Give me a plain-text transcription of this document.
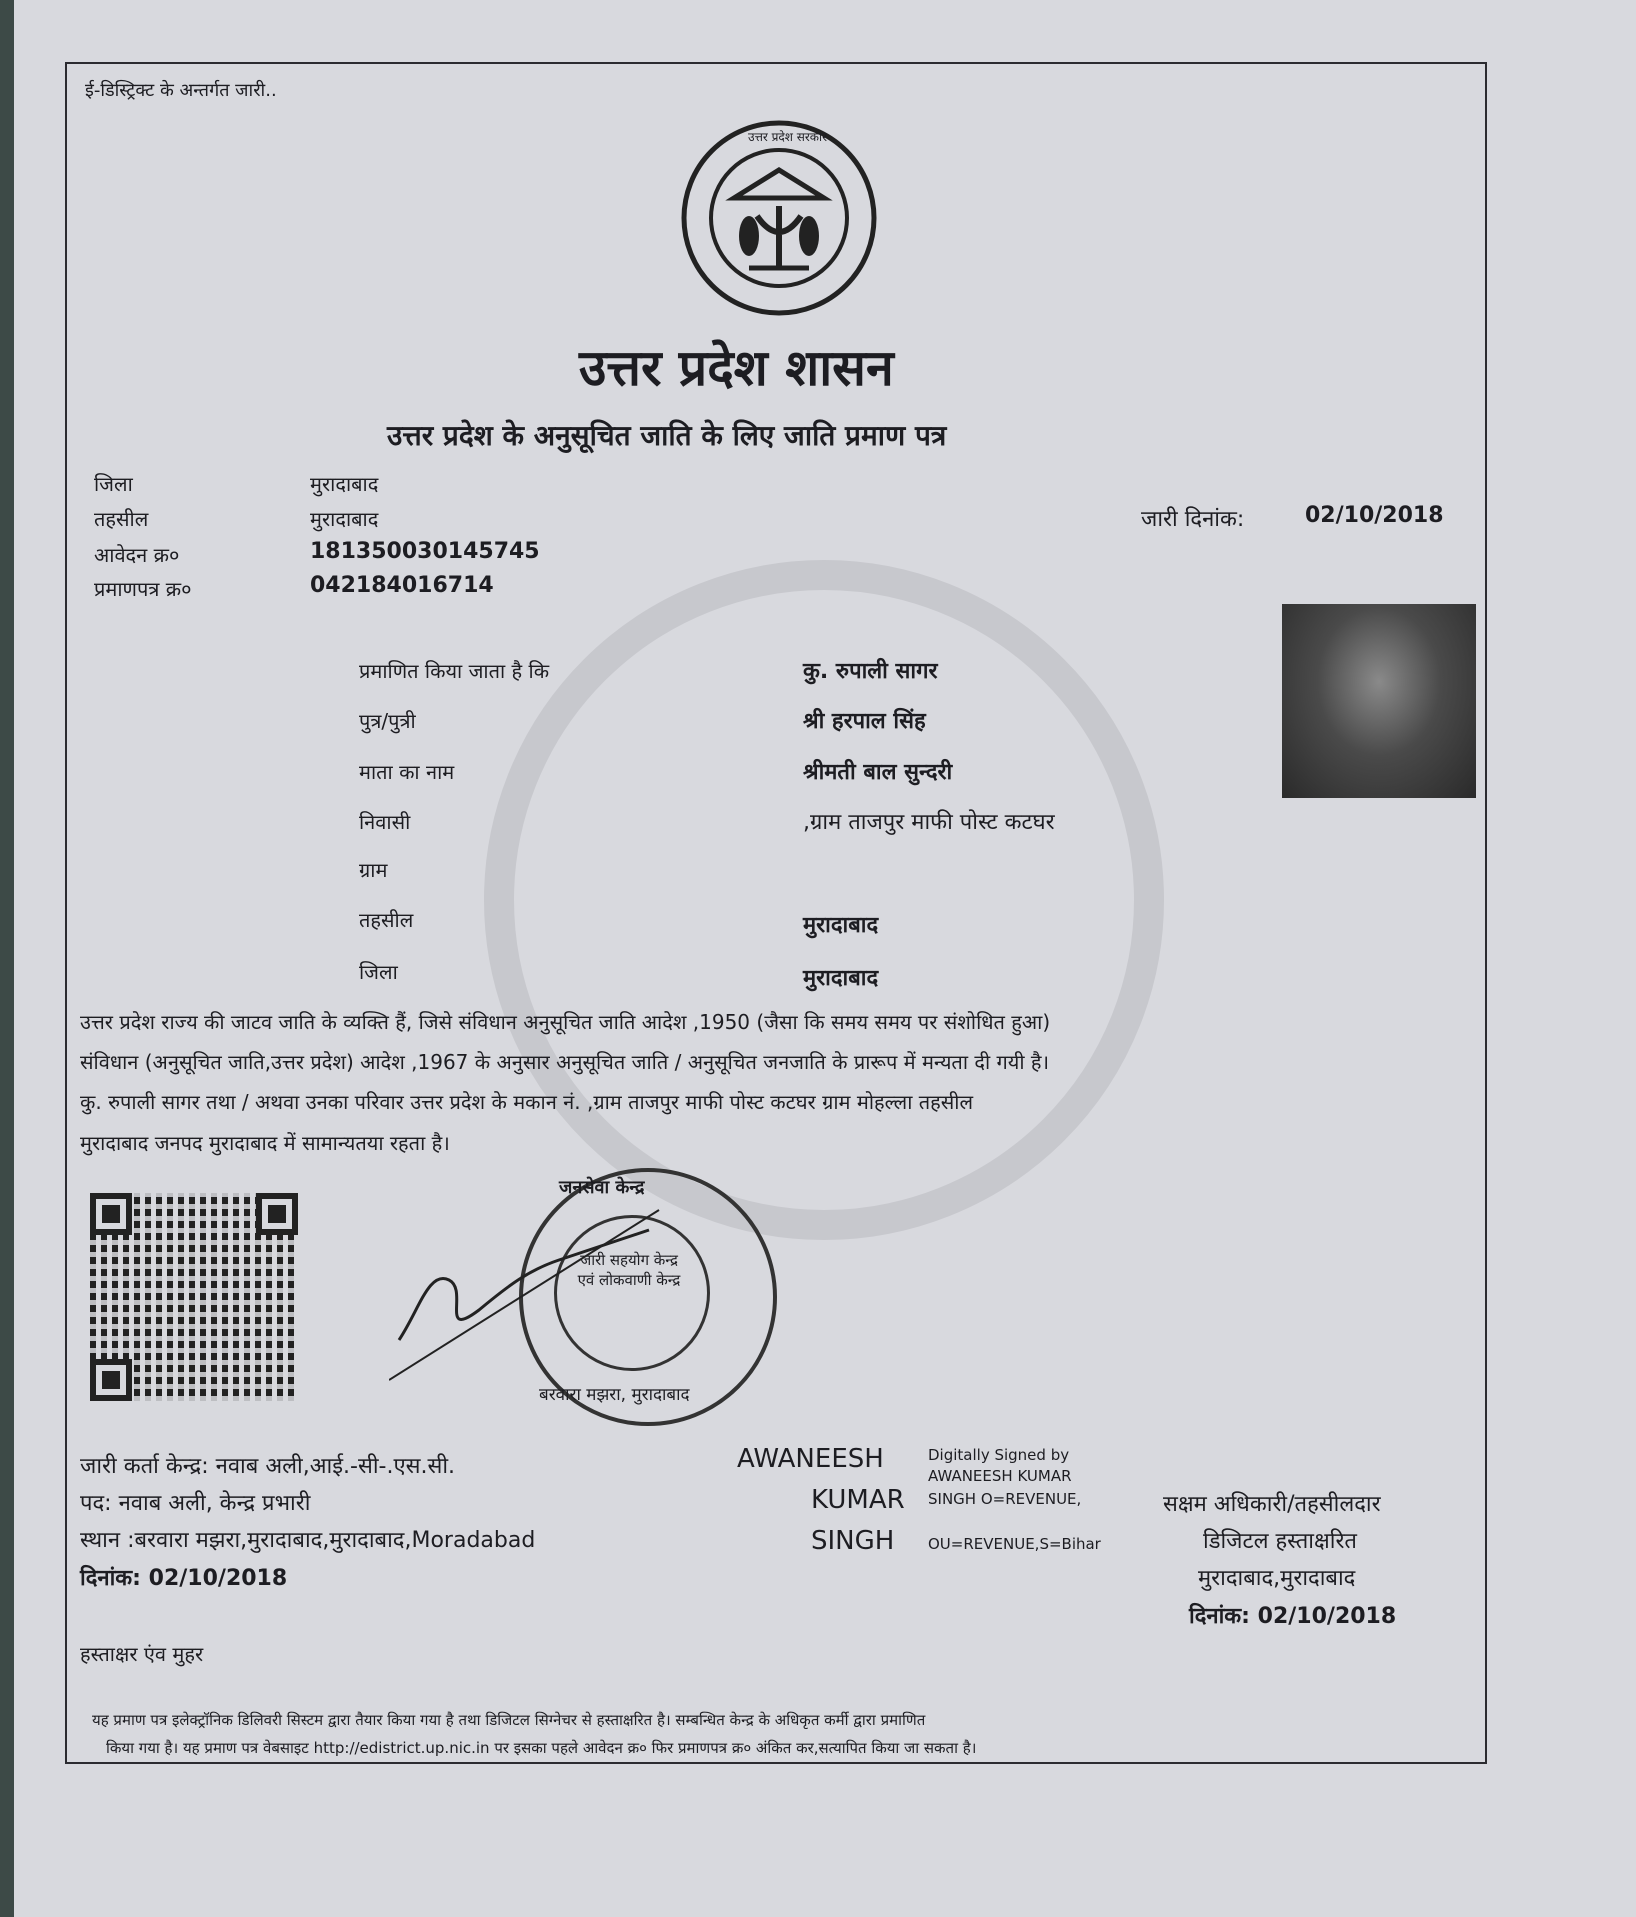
ई-डिस्ट्रिक्ट के अन्तर्गत जारी..
उत्तर प्रदेश सरकार
उत्तर प्रदेश शासन
उत्तर प्रदेश के अनुसूचित जाति के लिए जाति प्रमाण पत्र
जिला	मुरादाबाद
तहसील	मुरादाबाद
आवेदन क्र०	181350030145745
प्रमाणपत्र क्र०	042184016714
जारी दिनांक:	02/10/2018
प्रमाणित किया जाता है कि	कु. रुपाली सागर
पुत्र/पुत्री	श्री हरपाल सिंह
माता का नाम	श्रीमती बाल सुन्दरी
निवासी	,ग्राम ताजपुर माफी पोस्ट कटघर
ग्राम
तहसील	मुरादाबाद
जिला	मुरादाबाद
उत्तर प्रदेश राज्य की जाटव जाति के व्यक्ति हैं, जिसे संविधान अनुसूचित जाति आदेश ,1950 (जैसा कि समय समय पर संशोधित हुआ)
संविधान (अनुसूचित जाति,उत्तर प्रदेश) आदेश ,1967 के अनुसार अनुसूचित जाति / अनुसूचित जनजाति के प्रारूप में मन्यता दी गयी है।
कु. रुपाली सागर तथा / अथवा उनका परिवार उत्तर प्रदेश के मकान नं. ,ग्राम ताजपुर माफी पोस्ट कटघर ग्राम मोहल्ला तहसील
मुरादाबाद जनपद मुरादाबाद में सामान्यतया रहता है।
जनसेवा केन्द्र
जारी सहयोग केन्द्र एवं लोकवाणी केन्द्र
बरवारा मझरा, मुरादाबाद
जारी कर्ता केन्द्र: नवाब अली,आई.-सी-.एस.सी.
पद: नवाब अली, केन्द्र प्रभारी
स्थान :बरवारा मझरा,मुरादाबाद,मुरादाबाद,Moradabad
दिनांक: 02/10/2018
AWANEESH
KUMAR
SINGH
Digitally Signed by
AWANEESH KUMAR
SINGH O=REVENUE,
OU=REVENUE,S=Bihar
सक्षम अधिकारी/तहसीलदार
डिजिटल हस्ताक्षरित
मुरादाबाद,मुरादाबाद
दिनांक: 02/10/2018
हस्ताक्षर एंव मुहर
यह प्रमाण पत्र इलेक्ट्रॉनिक डिलिवरी सिस्टम द्वारा तैयार किया गया है तथा डिजिटल सिग्नेचर से हस्ताक्षरित है। सम्बन्धित केन्द्र के अधिकृत कर्मी द्वारा प्रमाणित
किया गया है। यह प्रमाण पत्र वेबसाइट http://edistrict.up.nic.in पर इसका पहले आवेदन क्र० फिर प्रमाणपत्र क्र० अंकित कर,सत्यापित किया जा सकता है।
